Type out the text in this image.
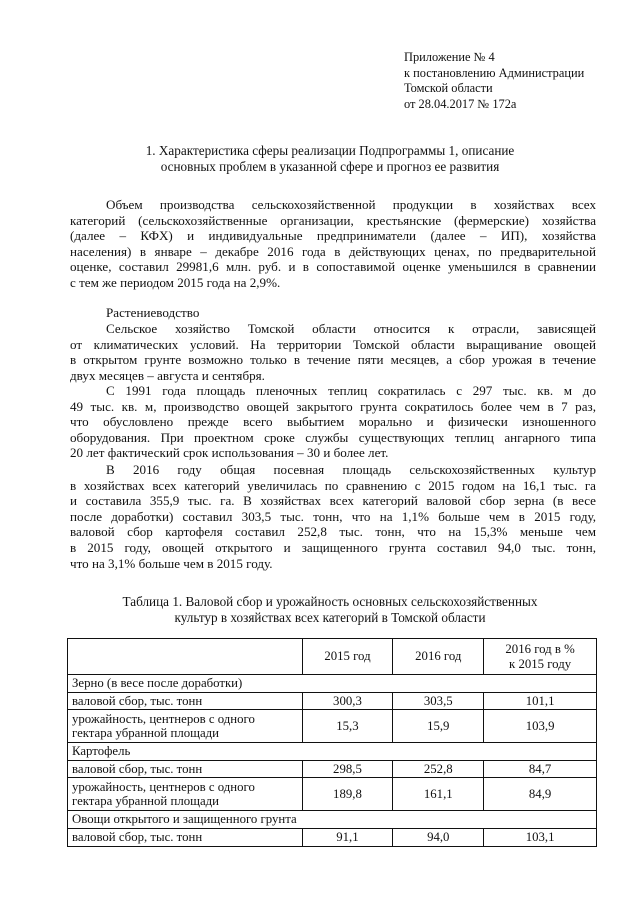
Приложение № 4
к постановлению Администрации
Томской области
от 28.04.2017 № 172а
1. Характеристика сферы реализации Подпрограммы 1, описание
основных проблем в указанной сфере и прогноз ее развития
Объем производства сельскохозяйственной продукции в хозяйствах всех
категорий (сельскохозяйственные организации, крестьянские (фермерские) хозяйства
(далее – КФХ) и индивидуальные предприниматели (далее – ИП), хозяйства
населения) в январе – декабре 2016 года в действующих ценах, по предварительной
оценке, составил 29981,6 млн. руб. и в сопоставимой оценке уменьшился в сравнении
с тем же периодом 2015 года на 2,9%.
Растениеводство
Сельское хозяйство Томской области относится к отрасли, зависящей
от климатических условий. На территории Томской области выращивание овощей
в открытом грунте возможно только в течение пяти месяцев, а сбор урожая в течение
двух месяцев – августа и сентября.
С 1991 года площадь пленочных теплиц сократилась с 297 тыс. кв. м до
49 тыс. кв. м, производство овощей закрытого грунта сократилось более чем в 7 раз,
что обусловлено прежде всего выбытием морально и физически изношенного
оборудования. При проектном сроке службы существующих теплиц ангарного типа
20 лет фактический срок использования – 30 и более лет.
В 2016 году общая посевная площадь сельскохозяйственных культур
в хозяйствах всех категорий увеличилась по сравнению с 2015 годом на 16,1 тыс. га
и составила 355,9 тыс. га. В хозяйствах всех категорий валовой сбор зерна (в весе
после доработки) составил 303,5 тыс. тонн, что на 1,1% больше чем в 2015 году,
валовой сбор картофеля составил 252,8 тыс. тонн, что на 15,3% меньше чем
в 2015 году, овощей открытого и защищенного грунта составил 94,0 тыс. тонн,
что на 3,1% больше чем в 2015 году.
Таблица 1. Валовой сбор и урожайность основных сельскохозяйственных
культур в хозяйствах всех категорий в Томской области
	2015 год	2016 год	2016 год в %
к 2015 году

Зерно (в весе после доработки)			
валовой сбор, тыс. тонн	300,3	303,5	101,1

урожайность, центнеров с одного
гектара убранной площади	15,3	15,9	103,9
Картофель			
валовой сбор, тыс. тонн	298,5	252,8	84,7

урожайность, центнеров с одного
гектара убранной площади	189,8	161,1	84,9
Овощи открытого и защищенного грунта			
валовой сбор, тыс. тонн	91,1	94,0	103,1
